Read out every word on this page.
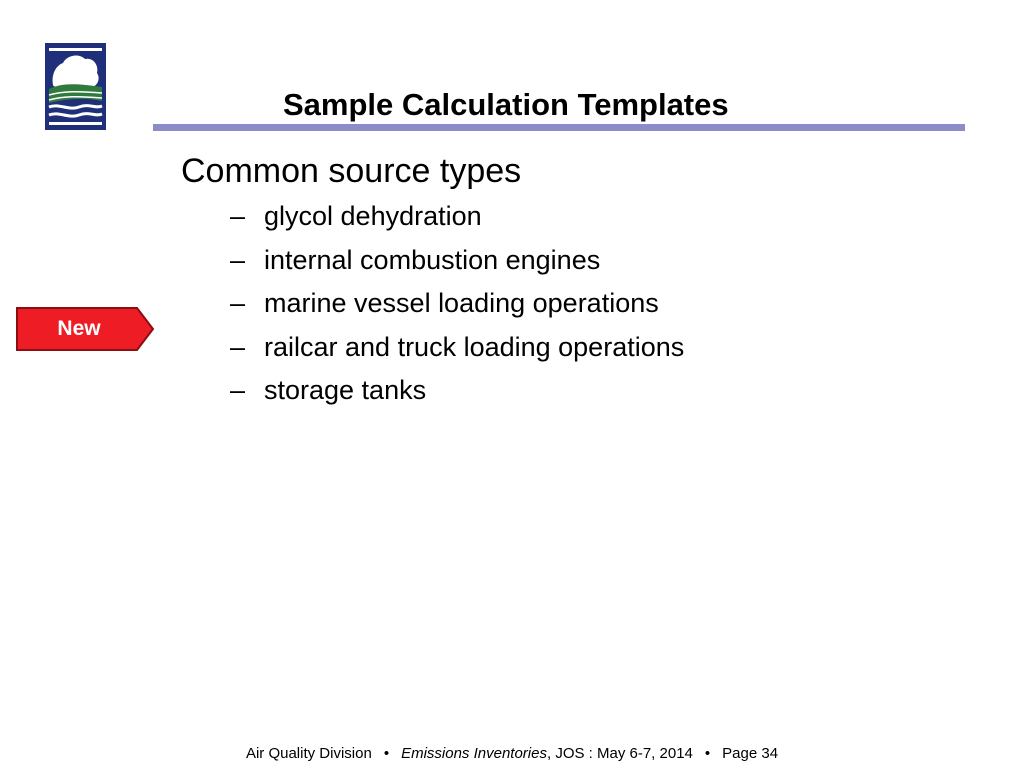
Sample Calculation Templates
Common source types
– glycol dehydration
– internal combustion engines
– marine vessel loading operations
– railcar and truck loading operations
– storage tanks
New
Air Quality Division • Emissions Inventories, JOS : May 6-7, 2014 • Page 34
